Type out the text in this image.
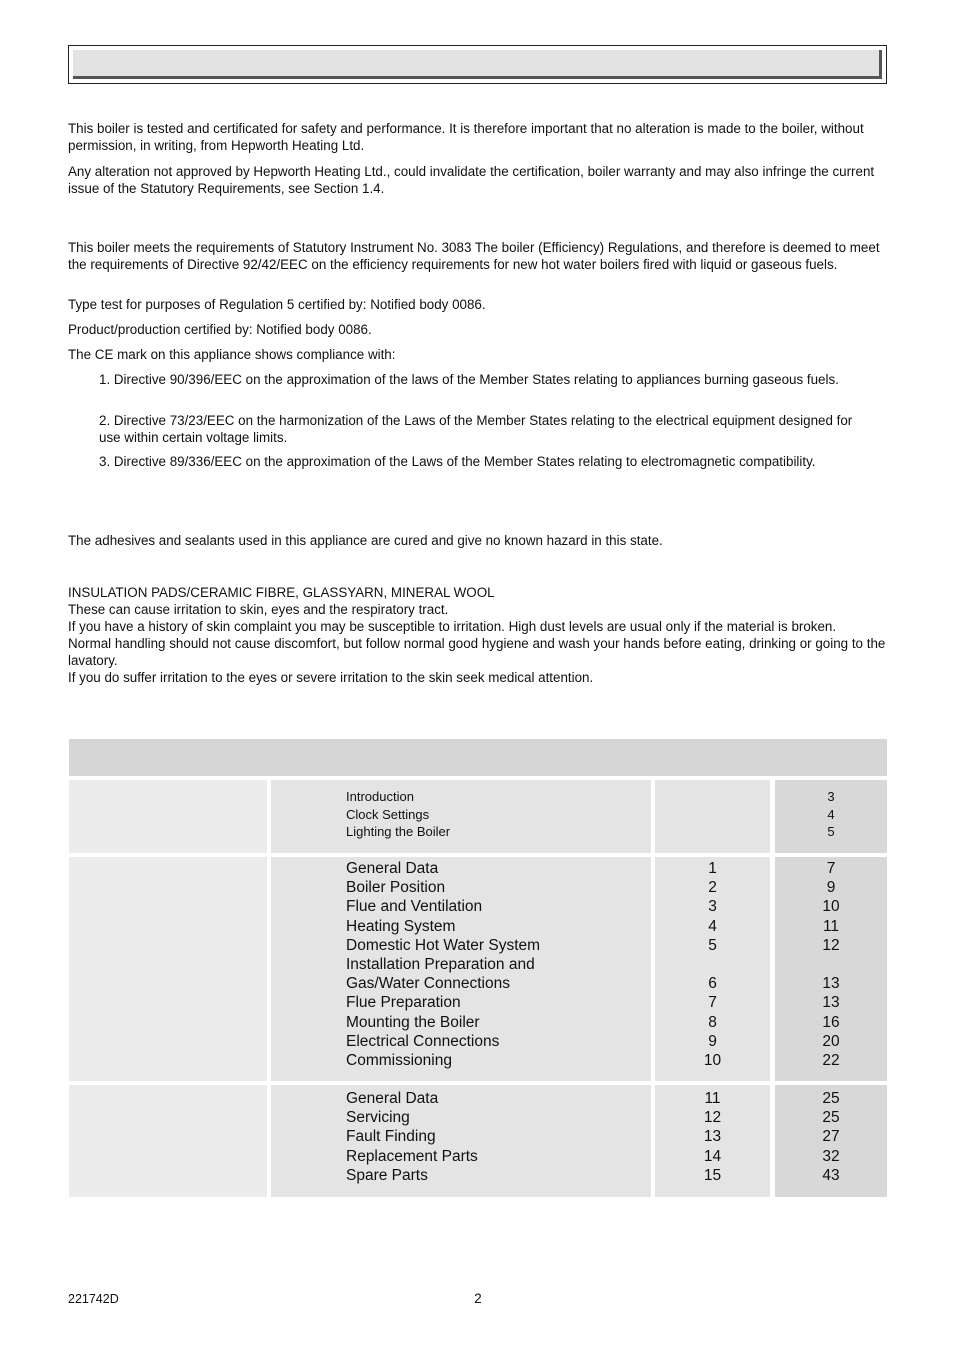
This boiler is tested and certificated for safety and performance. It is therefore important that no alteration is made to the boiler, without permission, in writing, from Hepworth Heating Ltd.

Any alteration not approved by Hepworth Heating Ltd., could invalidate the certification, boiler warranty and may also infringe the current issue of the Statutory Requirements, see Section 1.4.

This boiler meets the requirements of Statutory Instrument No. 3083 The boiler (Efficiency) Regulations, and therefore is deemed to meet the requirements of Directive 92/42/EEC on the efficiency requirements for new hot water boilers fired with liquid or gaseous fuels.
Type test for purposes of Regulation 5 certified by: Notified body 0086.
Product/production certified by: Notified body 0086.
The CE mark on this appliance shows compliance with:
1. Directive 90/396/EEC on the approximation of the laws of the Member States relating to appliances burning gaseous fuels.
2. Directive 73/23/EEC on the harmonization of the Laws of the Member States relating to the electrical equipment designed for use within certain voltage limits.
3. Directive 89/336/EEC on the approximation of the Laws of the Member States relating to electromagnetic compatibility.
The adhesives and sealants used in this appliance are cured and give no known hazard in this state.

INSULATION PADS/CERAMIC FIBRE, GLASSYARN, MINERAL WOOL

These can cause irritation to skin, eyes and the respiratory tract.

If you have a history of skin complaint you may be susceptible to irritation. High dust levels are usual only if the material is broken.

Normal handling should not cause discomfort, but follow normal good hygiene and wash your hands before eating, drinking or going to the lavatory.

If you do suffer irritation to the eyes or severe irritation to the skin seek medical attention.

Introduction
Clock Settings
Lighting the Boiler
3
4
5
General Data
Boiler Position
Flue and Ventilation
Heating System
Domestic Hot Water System
Installation Preparation and
Gas/Water Connections
Flue Preparation
Mounting the Boiler
Electrical Connections
Commissioning
1
2
3
4
5
6
7
8
9
10
7
9
10
11
12
13
13
16
20
22
General Data
Servicing
Fault Finding
Replacement Parts
Spare Parts
11
12
13
14
15
25
25
27
32
43
221742D	2
